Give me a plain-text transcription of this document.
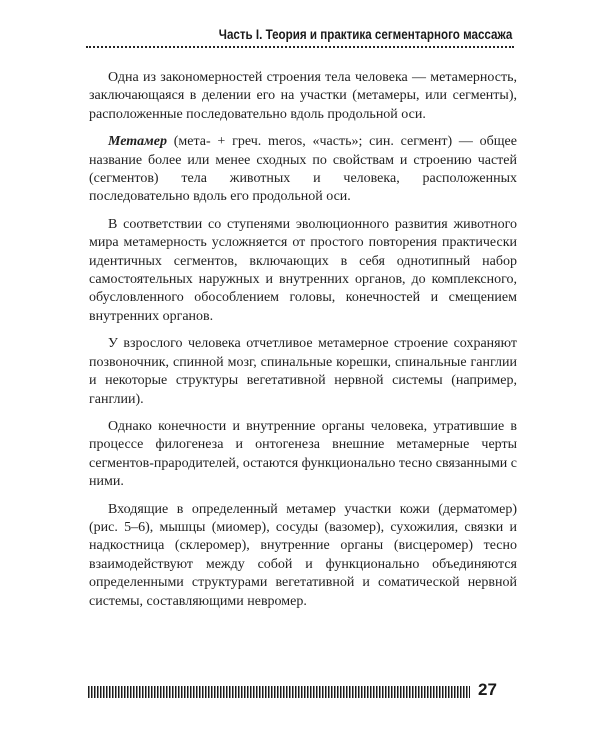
Часть I. Теория и практика сегментарного массажа

Одна из закономерностей строения тела человека — метамерность, заключающаяся в делении его на участки (метамеры, или сегменты), расположенные последовательно вдоль продольной оси.

Метамер (мета- + греч. meros, «часть»; син. сегмент) — общее название более или менее сходных по свойствам и строению частей (сегментов) тела животных и человека, расположенных последовательно вдоль его продольной оси.

В соответствии со ступенями эволюционного развития животного мира метамерность усложняется от простого повторения практически идентичных сегментов, включающих в себя однотипный набор самостоятельных наружных и внутренних органов, до комплексного, обусловленного обособлением головы, конечностей и смещением внутренних органов.

У взрослого человека отчетливое метамерное строение сохраняют позвоночник, спинной мозг, спинальные корешки, спинальные ганглии и некоторые структуры вегетативной нервной системы (например, ганглии).

Однако конечности и внутренние органы человека, утратившие в процессе филогенеза и онтогенеза внешние метамерные черты сегментов-прародителей, остаются функционально тесно связанными с ними.

Входящие в определенный метамер участки кожи (дерматомер) (рис. 5–6), мышцы (миомер), сосуды (вазомер), сухожилия, связки и надкостница (склеромер), внутренние органы (висцеромер) тесно взаимодействуют между собой и функционально объединяются определенными структурами вегетативной и соматической нервной системы, составляющими невромер.

27
